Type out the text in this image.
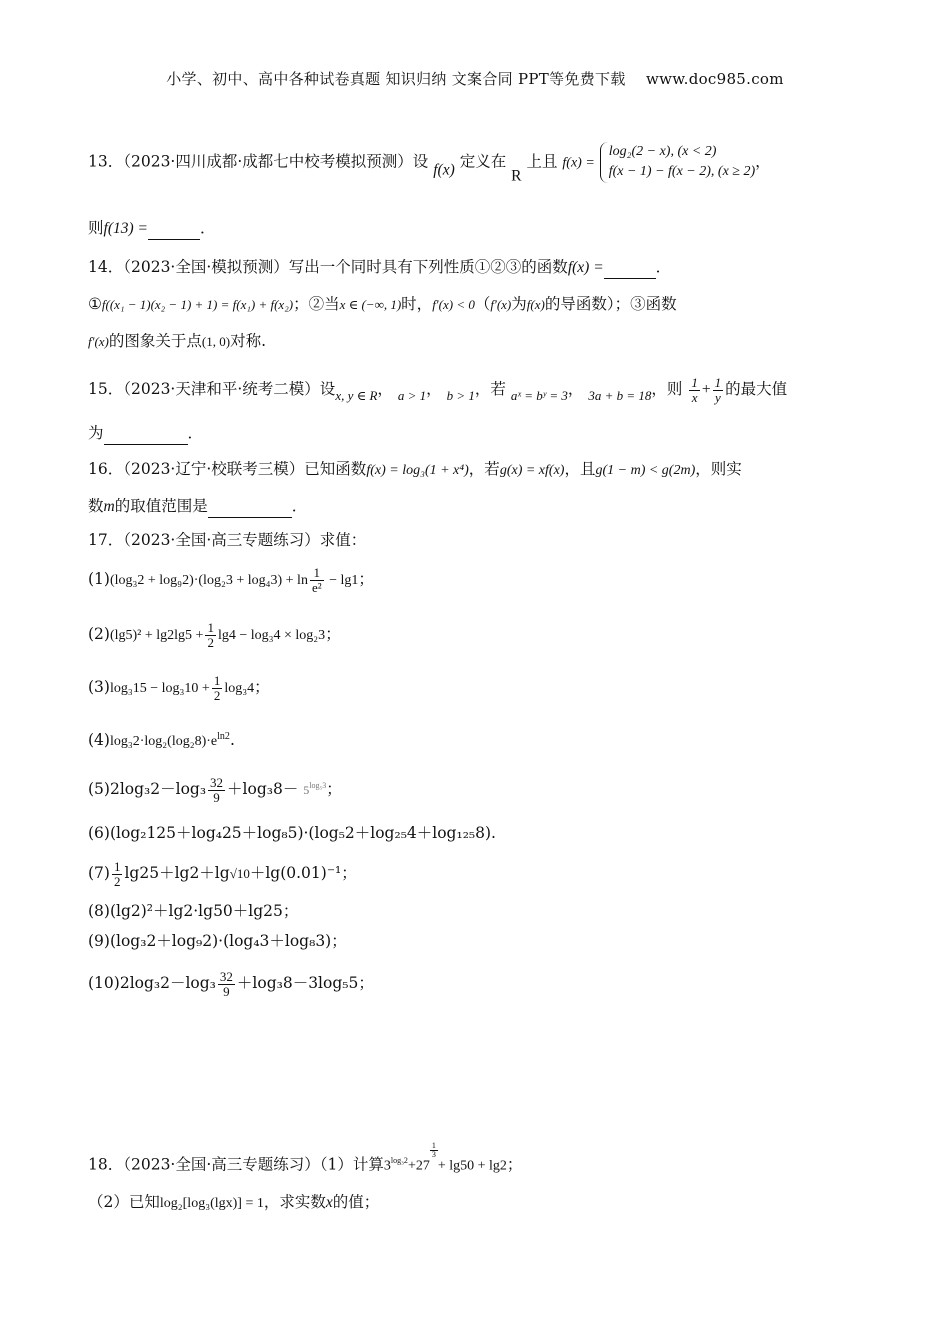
小学、初中、高中各种试卷真题 知识归纳 文案合同 PPT等免费下载　 www.doc985.com
13．（2023·四川成都·成都七中校考模拟预测）设 f(x) 定义在 R 上且 f(x) =
log₂(2 − x), (x < 2)
f(x − 1) − f(x − 2), (x ≥ 2)
，
则f(13) =	．
14．（2023·全国·模拟预测）写出一个同时具有下列性质①②③的函数f(x) =	．
①f((x₁ − 1)(x₂ − 1) + 1) = f(x₁) + f(x₂)；②当x ∈ (−∞, 1)时，f′(x) < 0（f′(x)为f(x)的导函数）；③函数
f′(x)的图象关于点(1, 0)对称.
15．（2023·天津和平·统考二模）设$_{x, y \in R}$， $_{a > 1}$， $_{b > 1}$，若 $_{aˣ = bʸ = 3}$， $_{3a + b = 18}$，则 $\frac{1}{x} + \frac{1}{y}$ 的最大值
为	．
16．（2023·辽宁·校联考三模）已知函数f(x) = log₃(1 + x⁴)，若g(x) = xf(x)，且g(1 − m) < g(2m)，则实
数m的取值范围是	．
17．（2023·全国·高三专题练习）求值：
$(1)(\log_32 + \log_92)\cdot(\log_23 + \log_43) + \ln \frac{1}{\text{e²}} - \lg 1$；
$(2)(\lg 5)^2 + \lg 2\lg 5 + \frac{1}{2} \lg 4 - \log_34 \times \log_23$；
$(3)\log_315 - \log_310 + \frac{1}{2} \log_34$；
$(4)\log_32\cdot\log_2(\log_28)\cdot e^{ln2}$.
$(5)2\log_32-\log_3 \frac{32}{9} +\log_38- 5^{log_53}$；
(6)(log₂125＋log₄25＋log₈5)·(log₅2＋log₂₅4＋log₁₂₅8).
$(7) \frac{1}{2} \lg 25+\lg 2+\lg√10+\lg(0.01)^{-1}$；
(8)(lg2)²＋lg2·lg50＋lg25；
(9)(log₃2＋log₉2)·(log₄3＋log₈3)；
$(10)2\log_32-\log_3 \frac{32}{9} +\log_38-3\log_55$；
18．（2023·全国·高三专题练习）（1）计算$3^{log_32}+27$
$\frac{1}{3}$
+ lg50 + lg2；
（2）已知log₂[log₃(lgx)] = 1，求实数x的值；
